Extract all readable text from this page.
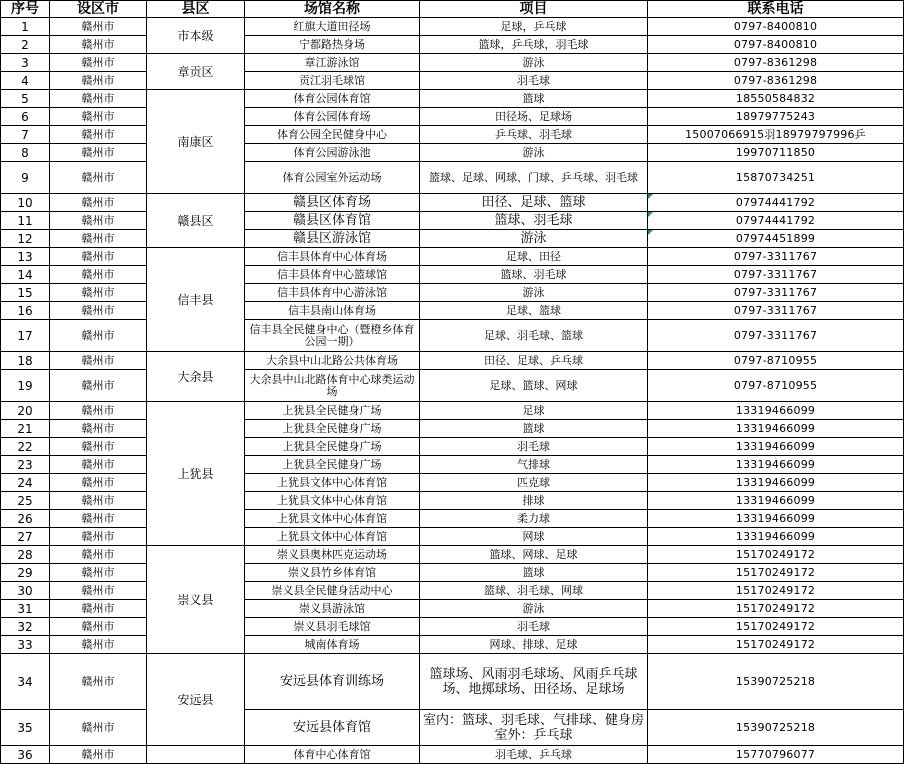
序号	设区市	县区	场馆名称	项目	联系电话
1	赣州市	市本级	红旗大道田径场	足球，乒乓球	0797-8400810
2	赣州市		宁都路热身场	篮球，乒乓球，羽毛球	0797-8400810
3	赣州市	章贡区	章江游泳馆	游泳	0797-8361298
4	赣州市		贡江羽毛球馆	羽毛球	0797-8361298
5	赣州市	南康区	体育公园体育馆	篮球	18550584832
6	赣州市		体育公园体育场	田径场、足球场	18979775243
7	赣州市		体育公园全民健身中心	乒乓球、羽毛球	15007066915羽18979797996乒
8	赣州市		体育公园游泳池	游泳	19970711850
9	赣州市		体育公园室外运动场	篮球、足球、网球、门球、乒乓球、羽毛球	15870734251
10	赣州市	赣县区	赣县区体育场	田径、足球、篮球	07974441792
11	赣州市		赣县区体育馆	篮球、羽毛球	07974441792
12	赣州市		赣县区游泳馆	游泳	07974451899
13	赣州市	信丰县	信丰县体育中心体育场	足球、田径	0797-3311767
14	赣州市		信丰县体育中心篮球馆	篮球、羽毛球	0797-3311767
15	赣州市		信丰县体育中心游泳馆	游泳	0797-3311767
16	赣州市		信丰县南山体育场	足球、篮球	0797-3311767
17	赣州市		信丰县全民健身中心（暨橙乡体育公园一期）	足球、羽毛球、篮球	0797-3311767
18	赣州市	大余县	大余县中山北路公共体育场	田径、足球、乒乓球	0797-8710955
19	赣州市		大余县中山北路体育中心球类运动场	足球、篮球、网球	0797-8710955
20	赣州市	上犹县	上犹县全民健身广场	足球	13319466099
21	赣州市		上犹县全民健身广场	篮球	13319466099
22	赣州市		上犹县全民健身广场	羽毛球	13319466099
23	赣州市		上犹县全民健身广场	气排球	13319466099
24	赣州市		上犹县文体中心体育馆	匹克球	13319466099
25	赣州市		上犹县文体中心体育馆	排球	13319466099
26	赣州市		上犹县文体中心体育馆	柔力球	13319466099
27	赣州市		上犹县文体中心体育馆	网球	13319466099
28	赣州市	崇义县	崇义县奥林匹克运动场	篮球、网球、足球	15170249172
29	赣州市		崇义县竹乡体育馆	篮球	15170249172
30	赣州市		崇义县全民健身活动中心	篮球、羽毛球、网球	15170249172
31	赣州市		崇义县游泳馆	游泳	15170249172
32	赣州市		崇义县羽毛球馆	羽毛球	15170249172
33	赣州市		城南体育场	网球、排球、足球	15170249172
34	赣州市	安远县	安远县体育训练场	篮球场、风雨羽毛球场、风雨乒乓球场、地掷球场、田径场、足球场	15390725218
35	赣州市		安远县体育馆	室内：篮球、羽毛球、气排球、健身房　　　　　室外：乒乓球	15390725218
36	赣州市		体育中心体育馆	羽毛球、乒乓球	15770796077
